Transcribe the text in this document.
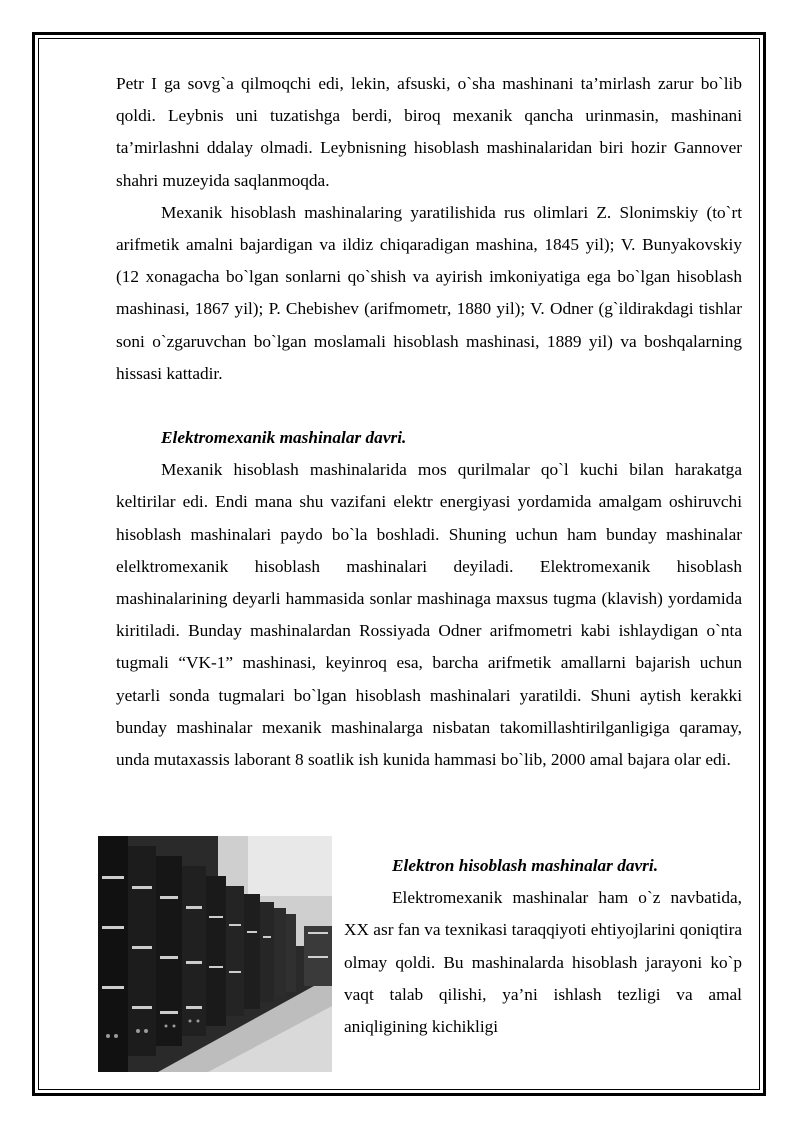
Petr I ga sovg`a qilmoqchi edi, lekin, afsuski, o`sha mashinani ta’mirlash zarur bo`lib qoldi. Leybnis uni tuzatishga berdi, biroq mexanik qancha urinmasin, mashinani ta’mirlashni ddalay olmadi. Leybnisning hisoblash mashinalaridan biri hozir Gannover shahri muzeyida saqlanmoqda.

Mexanik hisoblash mashinalaring yaratilishida rus olimlari Z. Slonimskiy (to`rt arifmetik amalni bajardigan va ildiz chiqaradigan mashina, 1845 yil); V. Bunyakovskiy (12 xonagacha bo`lgan sonlarni qo`shish va ayirish imkoniyatiga ega bo`lgan hisoblash mashinasi, 1867 yil); P. Chebishev (arifmometr, 1880 yil); V. Odner (g`ildirakdagi tishlar soni o`zgaruvchan bo`lgan moslamali hisoblash mashinasi, 1889 yil) va boshqalarning hissasi kattadir.

Elektromexanik mashinalar davri.

Mexanik hisoblash mashinalarida mos qurilmalar qo`l kuchi bilan harakatga keltirilar edi. Endi mana shu vazifani elektr energiyasi yordamida amalgam oshiruvchi hisoblash mashinalari paydo bo`la boshladi. Shuning uchun ham bunday mashinalar elelktromexanik hisoblash mashinalari deyiladi. Elektromexanik hisoblash mashinalarining deyarli hammasida sonlar mashinaga maxsus tugma (klavish) yordamida kiritiladi. Bunday mashinalardan Rossiyada Odner arifmometri kabi ishlaydigan o`nta tugmali “VK-1” mashinasi, keyinroq esa, barcha arifmetik amallarni bajarish uchun yetarli sonda tugmalari bo`lgan hisoblash mashinalari yaratildi. Shuni aytish kerakki bunday mashinalar mexanik mashinalarga nisbatan takomillashtirilganligiga qaramay, unda mutaxassis laborant 8 soatlik ish kunida hammasi bo`lib, 2000 amal bajara olar edi.

Elektron hisoblash mashinalar davri.

Elektromexanik mashinalar ham o`z navbatida, XX asr fan va texnikasi taraqqiyoti ehtiyojlarini qoniqtira olmay qoldi. Bu mashinalarda hisoblash jarayoni ko`p vaqt talab qilishi, ya’ni ishlash tezligi va amal aniqligining kichikligi
